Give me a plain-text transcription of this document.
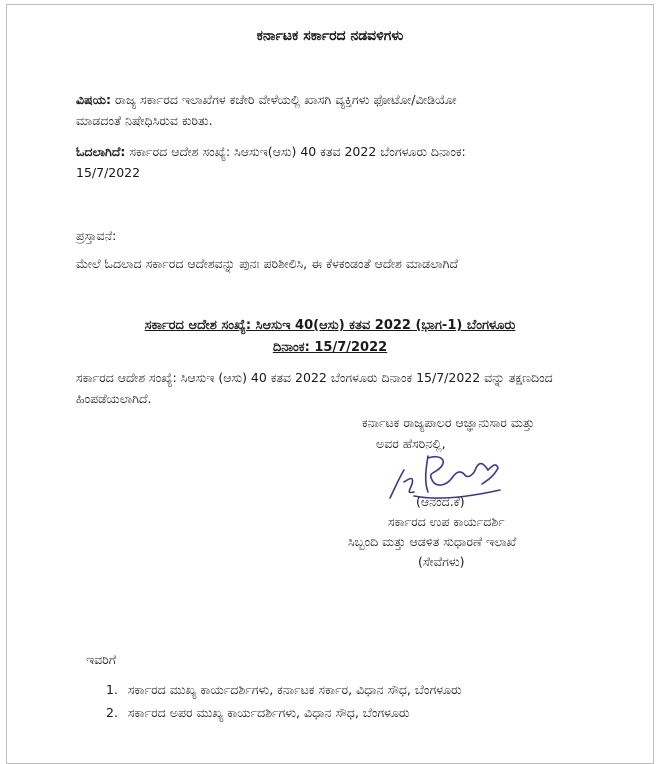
ಕರ್ನಾಟಕ ಸರ್ಕಾರದ ನಡವಳಿಗಳು
ವಿಷಯ: ರಾಜ್ಯ ಸರ್ಕಾರದ ಇಲಾಖೆಗಳ ಕಚೇರಿ ವೇಳೆಯಲ್ಲಿ ಖಾಸಗಿ ವ್ಯಕ್ತಿಗಳು ಫೋಟೋ/ವೀಡಿಯೋ
ಮಾಡದಂತೆ ನಿಷೇಧಿಸಿರುವ ಕುರಿತು.
ಓದಲಾಗಿದೆ: ಸರ್ಕಾರದ ಆದೇಶ ಸಂಖ್ಯೆ: ಸಿಆಸುಇ(ಆಸು) 40 ಕತವ 2022 ಬೆಂಗಳೂರು ದಿನಾಂಕ:
15/7/2022
ಪ್ರಸ್ತಾವನೆ:
ಮೇಲೆ ಓದಲಾದ ಸರ್ಕಾರದ ಆದೇಶವನ್ನು ಪುನಃ ಪರಿಶೀಲಿಸಿ, ಈ ಕೆಳಕಂಡಂತೆ ಆದೇಶ ಮಾಡಲಾಗಿದೆ
ಸರ್ಕಾರದ ಆದೇಶ ಸಂಖ್ಯೆ: ಸಿಆಸುಇ 40(ಆಸು) ಕತವ 2022 (ಭಾಗ-1) ಬೆಂಗಳೂರು
ದಿನಾಂಕ: 15/7/2022
ಸರ್ಕಾರದ ಆದೇಶ ಸಂಖ್ಯೆ: ಸಿಆಸುಇ (ಆಸು) 40 ಕತವ 2022 ಬೆಂಗಳೂರು ದಿನಾಂಕ 15/7/2022 ವನ್ನು ತಕ್ಷಣದಿಂದ
ಹಿಂಪಡೆಯಲಾಗಿದೆ.
ಕರ್ನಾಟಕ ರಾಜ್ಯಪಾಲರ ಆಜ್ಞಾನುಸಾರ ಮತ್ತು
ಅವರ ಹೆಸರಿನಲ್ಲಿ,
(ಆನಂದ.ಕೆ)
ಸರ್ಕಾರದ ಉಪ ಕಾರ್ಯದರ್ಶಿ
ಸಿಬ್ಬಂದಿ ಮತ್ತು ಆಡಳಿತ ಸುಧಾರಣೆ ಇಲಾಖೆ
(ಸೇವೆಗಳು)
ಇವರಿಗೆ
1. ಸರ್ಕಾರದ ಮುಖ್ಯ ಕಾರ್ಯದರ್ಶಿಗಳು, ಕರ್ನಾಟಕ ಸರ್ಕಾರ, ವಿಧಾನ ಸೌಧ, ಬೆಂಗಳೂರು
2. ಸರ್ಕಾರದ ಅಪರ ಮುಖ್ಯ ಕಾರ್ಯದರ್ಶಿಗಳು, ವಿಧಾನ ಸೌಧ, ಬೆಂಗಳೂರು
